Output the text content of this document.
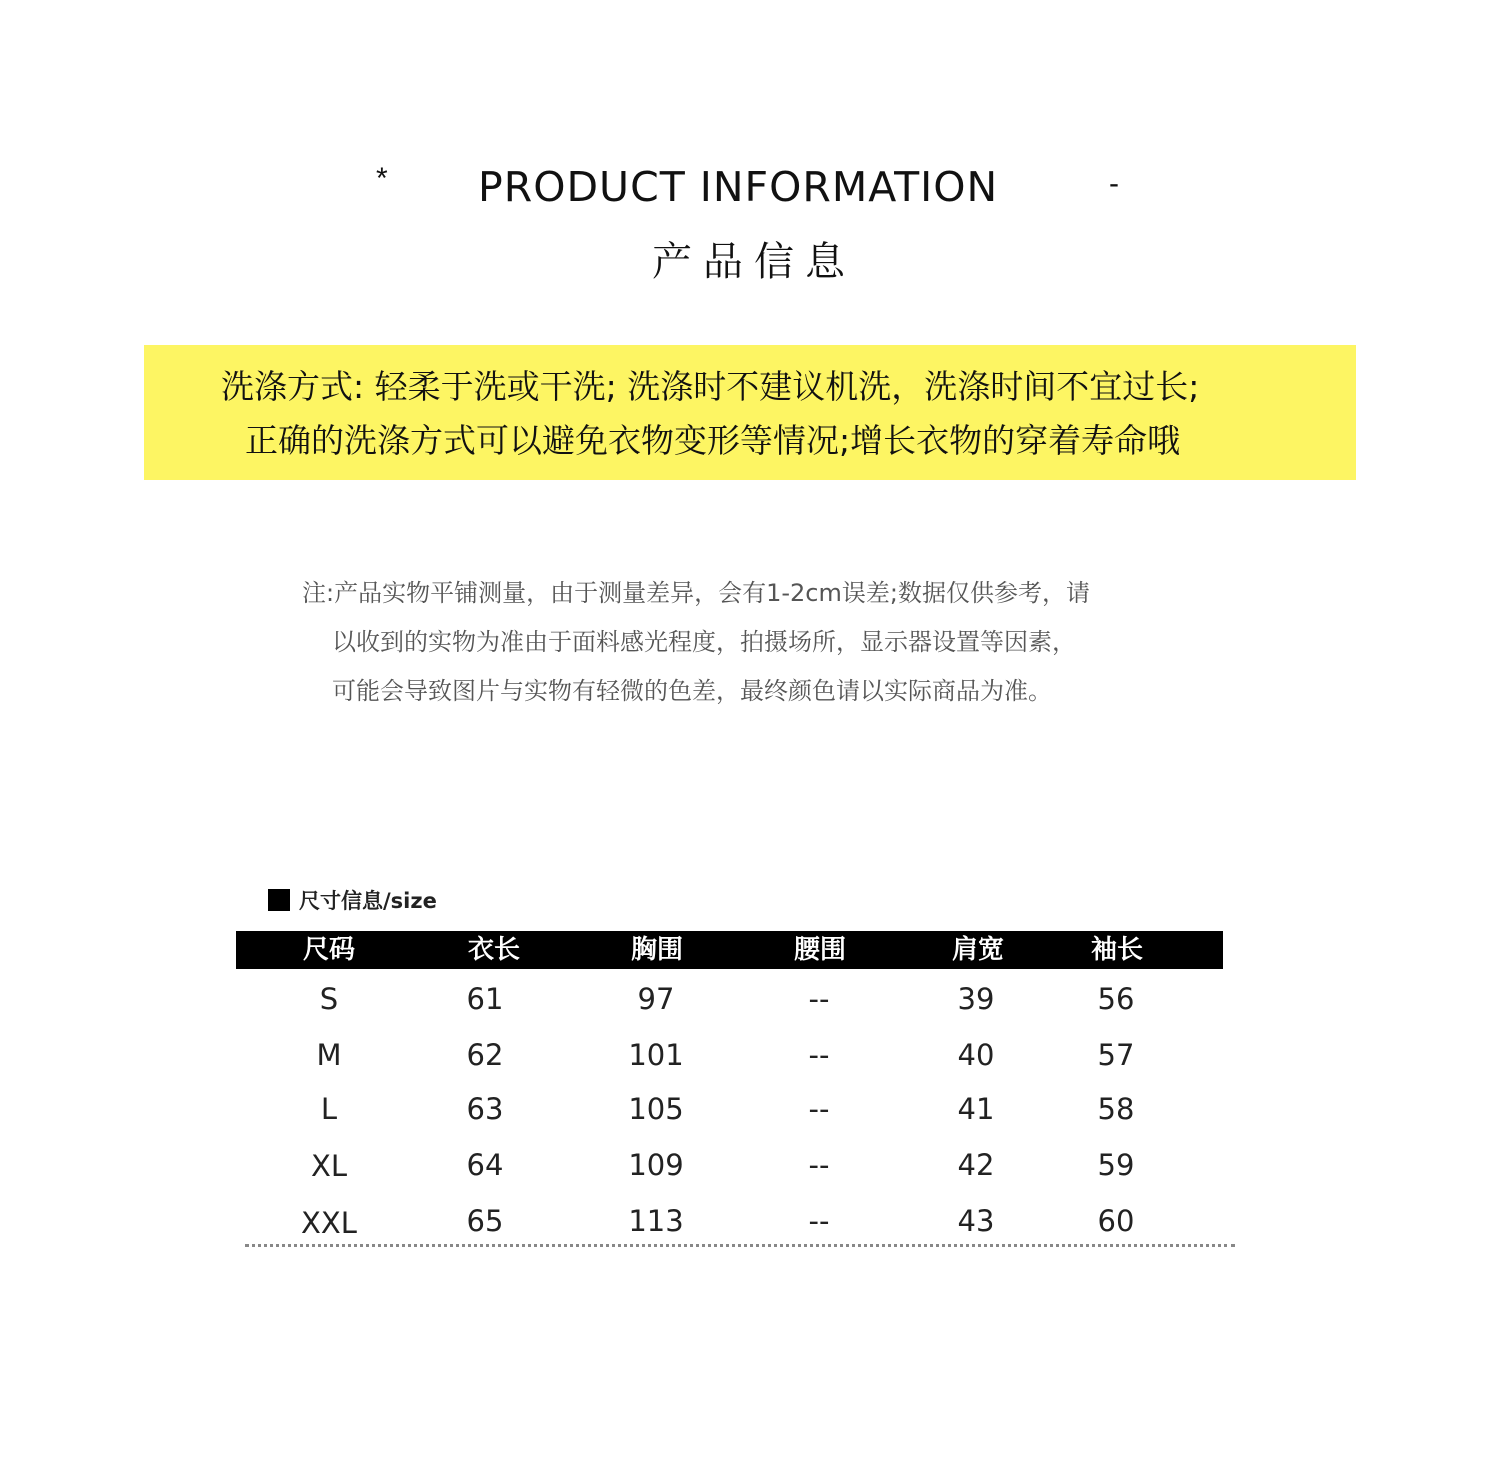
* PRODUCT INFORMATION	-
产品信息
洗涤方式: 轻柔于洗或干洗; 洗涤时不建议机洗，洗涤时间不宜过长;
正确的洗涤方式可以避免衣物变形等情况;增长衣物的穿着寿命哦
注:产品实物平铺测量，由于测量差异，会有1-2cm误差;数据仅供参考，请
以收到的实物为准由于面料感光程度，拍摄场所，显示器设置等因素，
可能会导致图片与实物有轻微的色差，最终颜色请以实际商品为准。
尺寸信息/size
尺码	衣长	胸围	腰围	肩宽	袖长
S	61	97	--	39	56
M	62	101	--	40	57
L	63	105	--	41	58
XL	64	109	--	42	59
XXL	65	113	--	43	60
